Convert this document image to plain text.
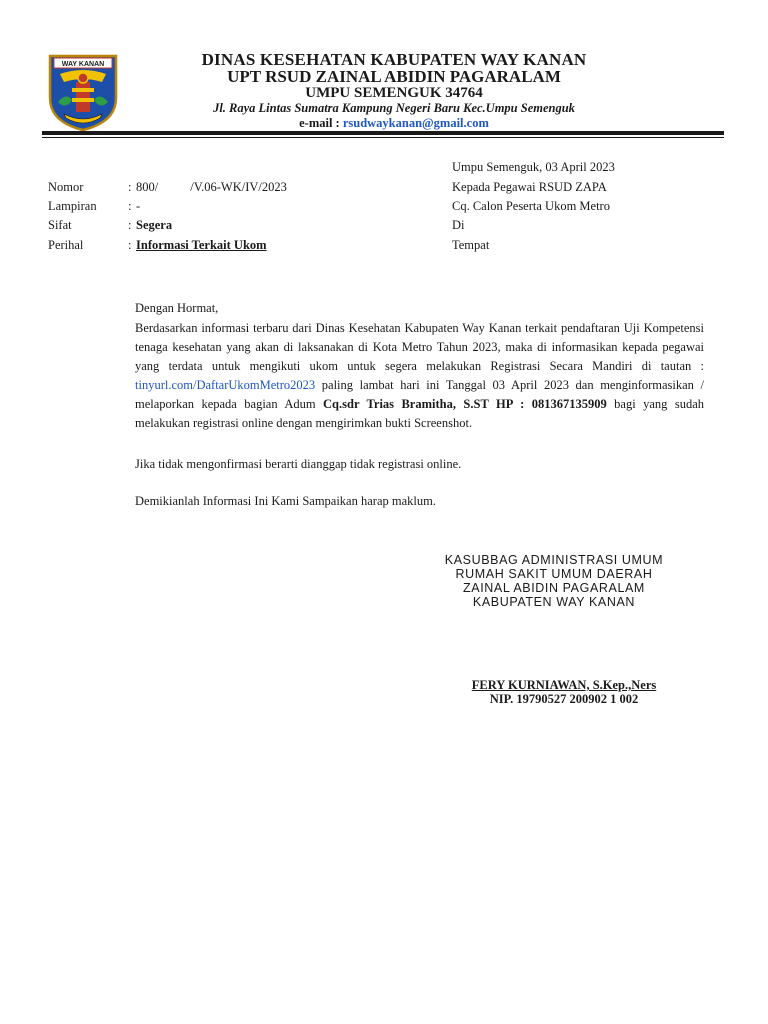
WAY KANAN	DINAS KESEHATAN KABUPATEN WAY KANAN
UPT RSUD ZAINAL ABIDIN PAGARALAM
UMPU SEMENGUK 34764
Jl. Raya Lintas Sumatra Kampung Negeri Baru Kec.Umpu Semenguk
e-mail : rsudwaykanan@gmail.com
Umpu Semenguk, 03 April 2023
Nomor	: 800/	/V.06-WK/IV/2023
Lampiran	: -
Sifat	: Segera
Perihal	: Informasi Terkait Ukom
Kepada Pegawai RSUD ZAPA
Cq. Calon Peserta Ukom Metro
Di
Tempat
Dengan Hormat,
Berdasarkan informasi terbaru dari Dinas Kesehatan Kabupaten Way Kanan terkait pendaftaran Uji Kompetensi tenaga kesehatan yang akan di laksanakan di Kota Metro Tahun 2023, maka di informasikan kepada pegawai yang terdata untuk mengikuti ukom untuk segera melakukan Registrasi Secara Mandiri di tautan : tinyurl.com/DaftarUkomMetro2023 paling lambat hari ini Tanggal 03 April 2023 dan menginformasikan / melaporkan kepada bagian Adum Cq.sdr Trias Bramitha, S.ST HP : 081367135909 bagi yang sudah melakukan registrasi online dengan mengirimkan bukti Screenshot.
Jika tidak mengonfirmasi berarti dianggap tidak registrasi online.
Demikianlah Informasi Ini Kami Sampaikan harap maklum.
KASUBBAG ADMINISTRASI UMUM
RUMAH SAKIT UMUM DAERAH
ZAINAL ABIDIN PAGARALAM
KABUPATEN WAY KANAN
FERY KURNIAWAN, S.Kep.,Ners
NIP. 19790527 200902 1 002
